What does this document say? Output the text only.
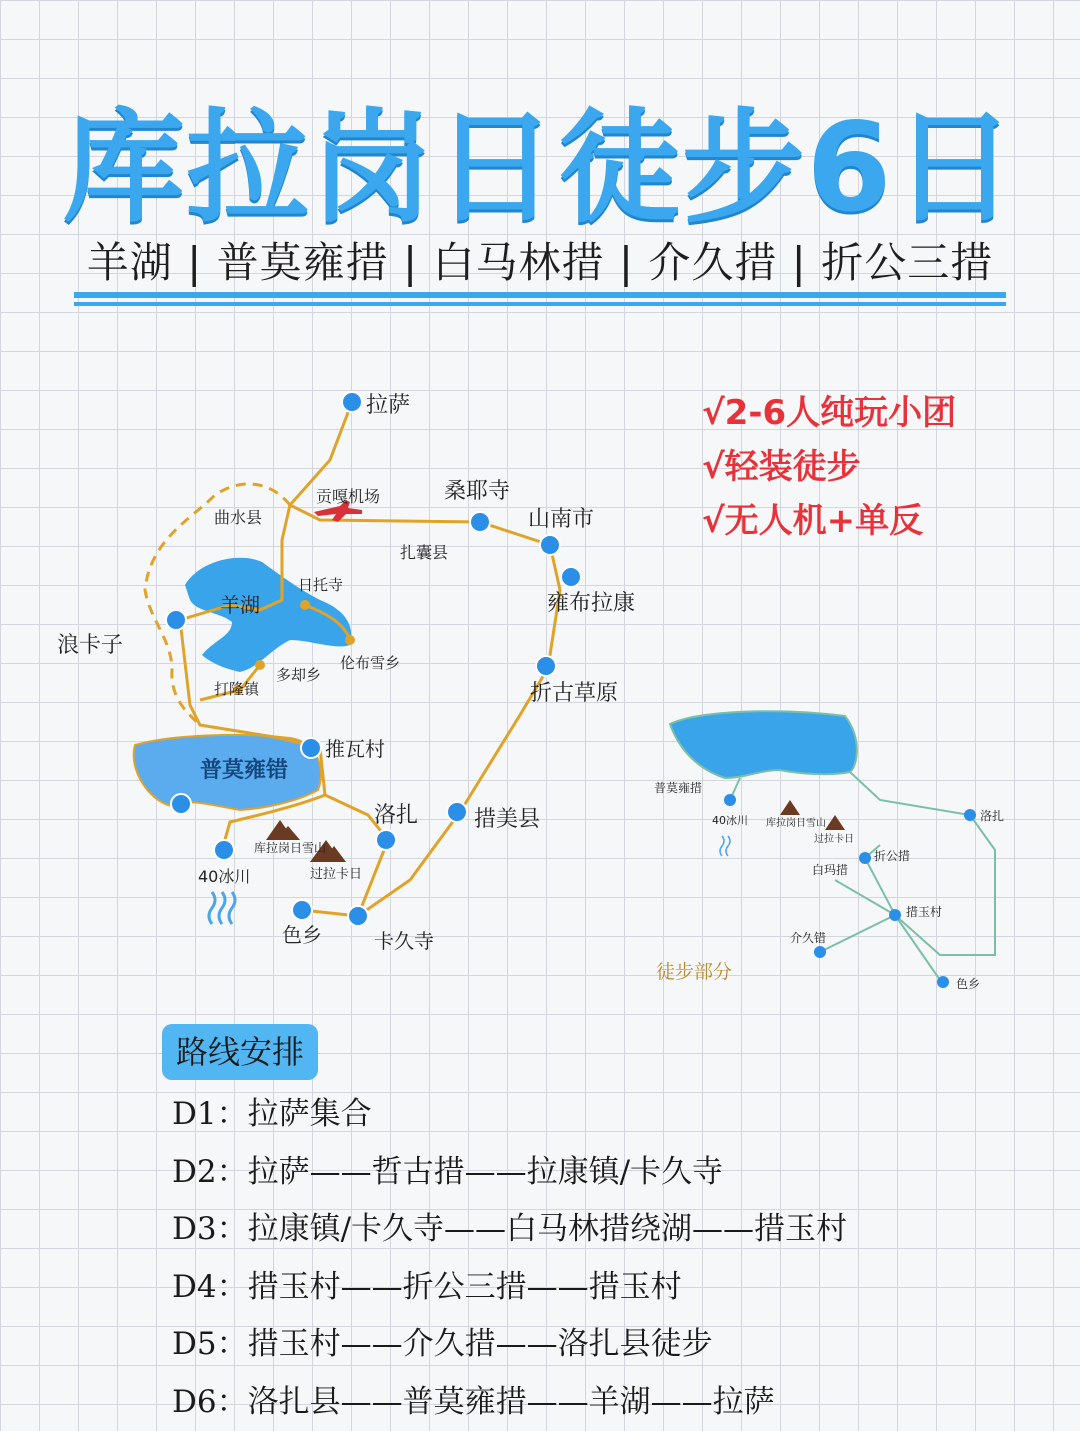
库拉岗日徒步6日
羊湖 | 普莫雍措 | 白马林措 | 介久措 | 折公三措
拉萨
贡嘎机场
曲水县
桑耶寺
山南市
扎囊县
日托寺
羊湖
浪卡子
雍布拉康
伦布雪乡
多却乡
打隆镇	折古草原
推瓦村
普莫雍错
洛扎	措美县
库拉岗日雪山
过拉卡日
40冰川
色乡	卡久寺
普莫雍措
洛扎
40冰川 库拉岗日雪山
过拉卡日
折公措
白玛措
措玉村
介久错
色乡
徒步部分
√2-6人纯玩小团
√轻装徒步
√无人机+单反
路线安排
D1：拉萨集合
D2：拉萨——哲古措——拉康镇/卡久寺
D3：拉康镇/卡久寺——白马林措绕湖——措玉村
D4：措玉村——折公三措——措玉村
D5：措玉村——介久措——洛扎县徒步
D6：洛扎县——普莫雍措——羊湖——拉萨
